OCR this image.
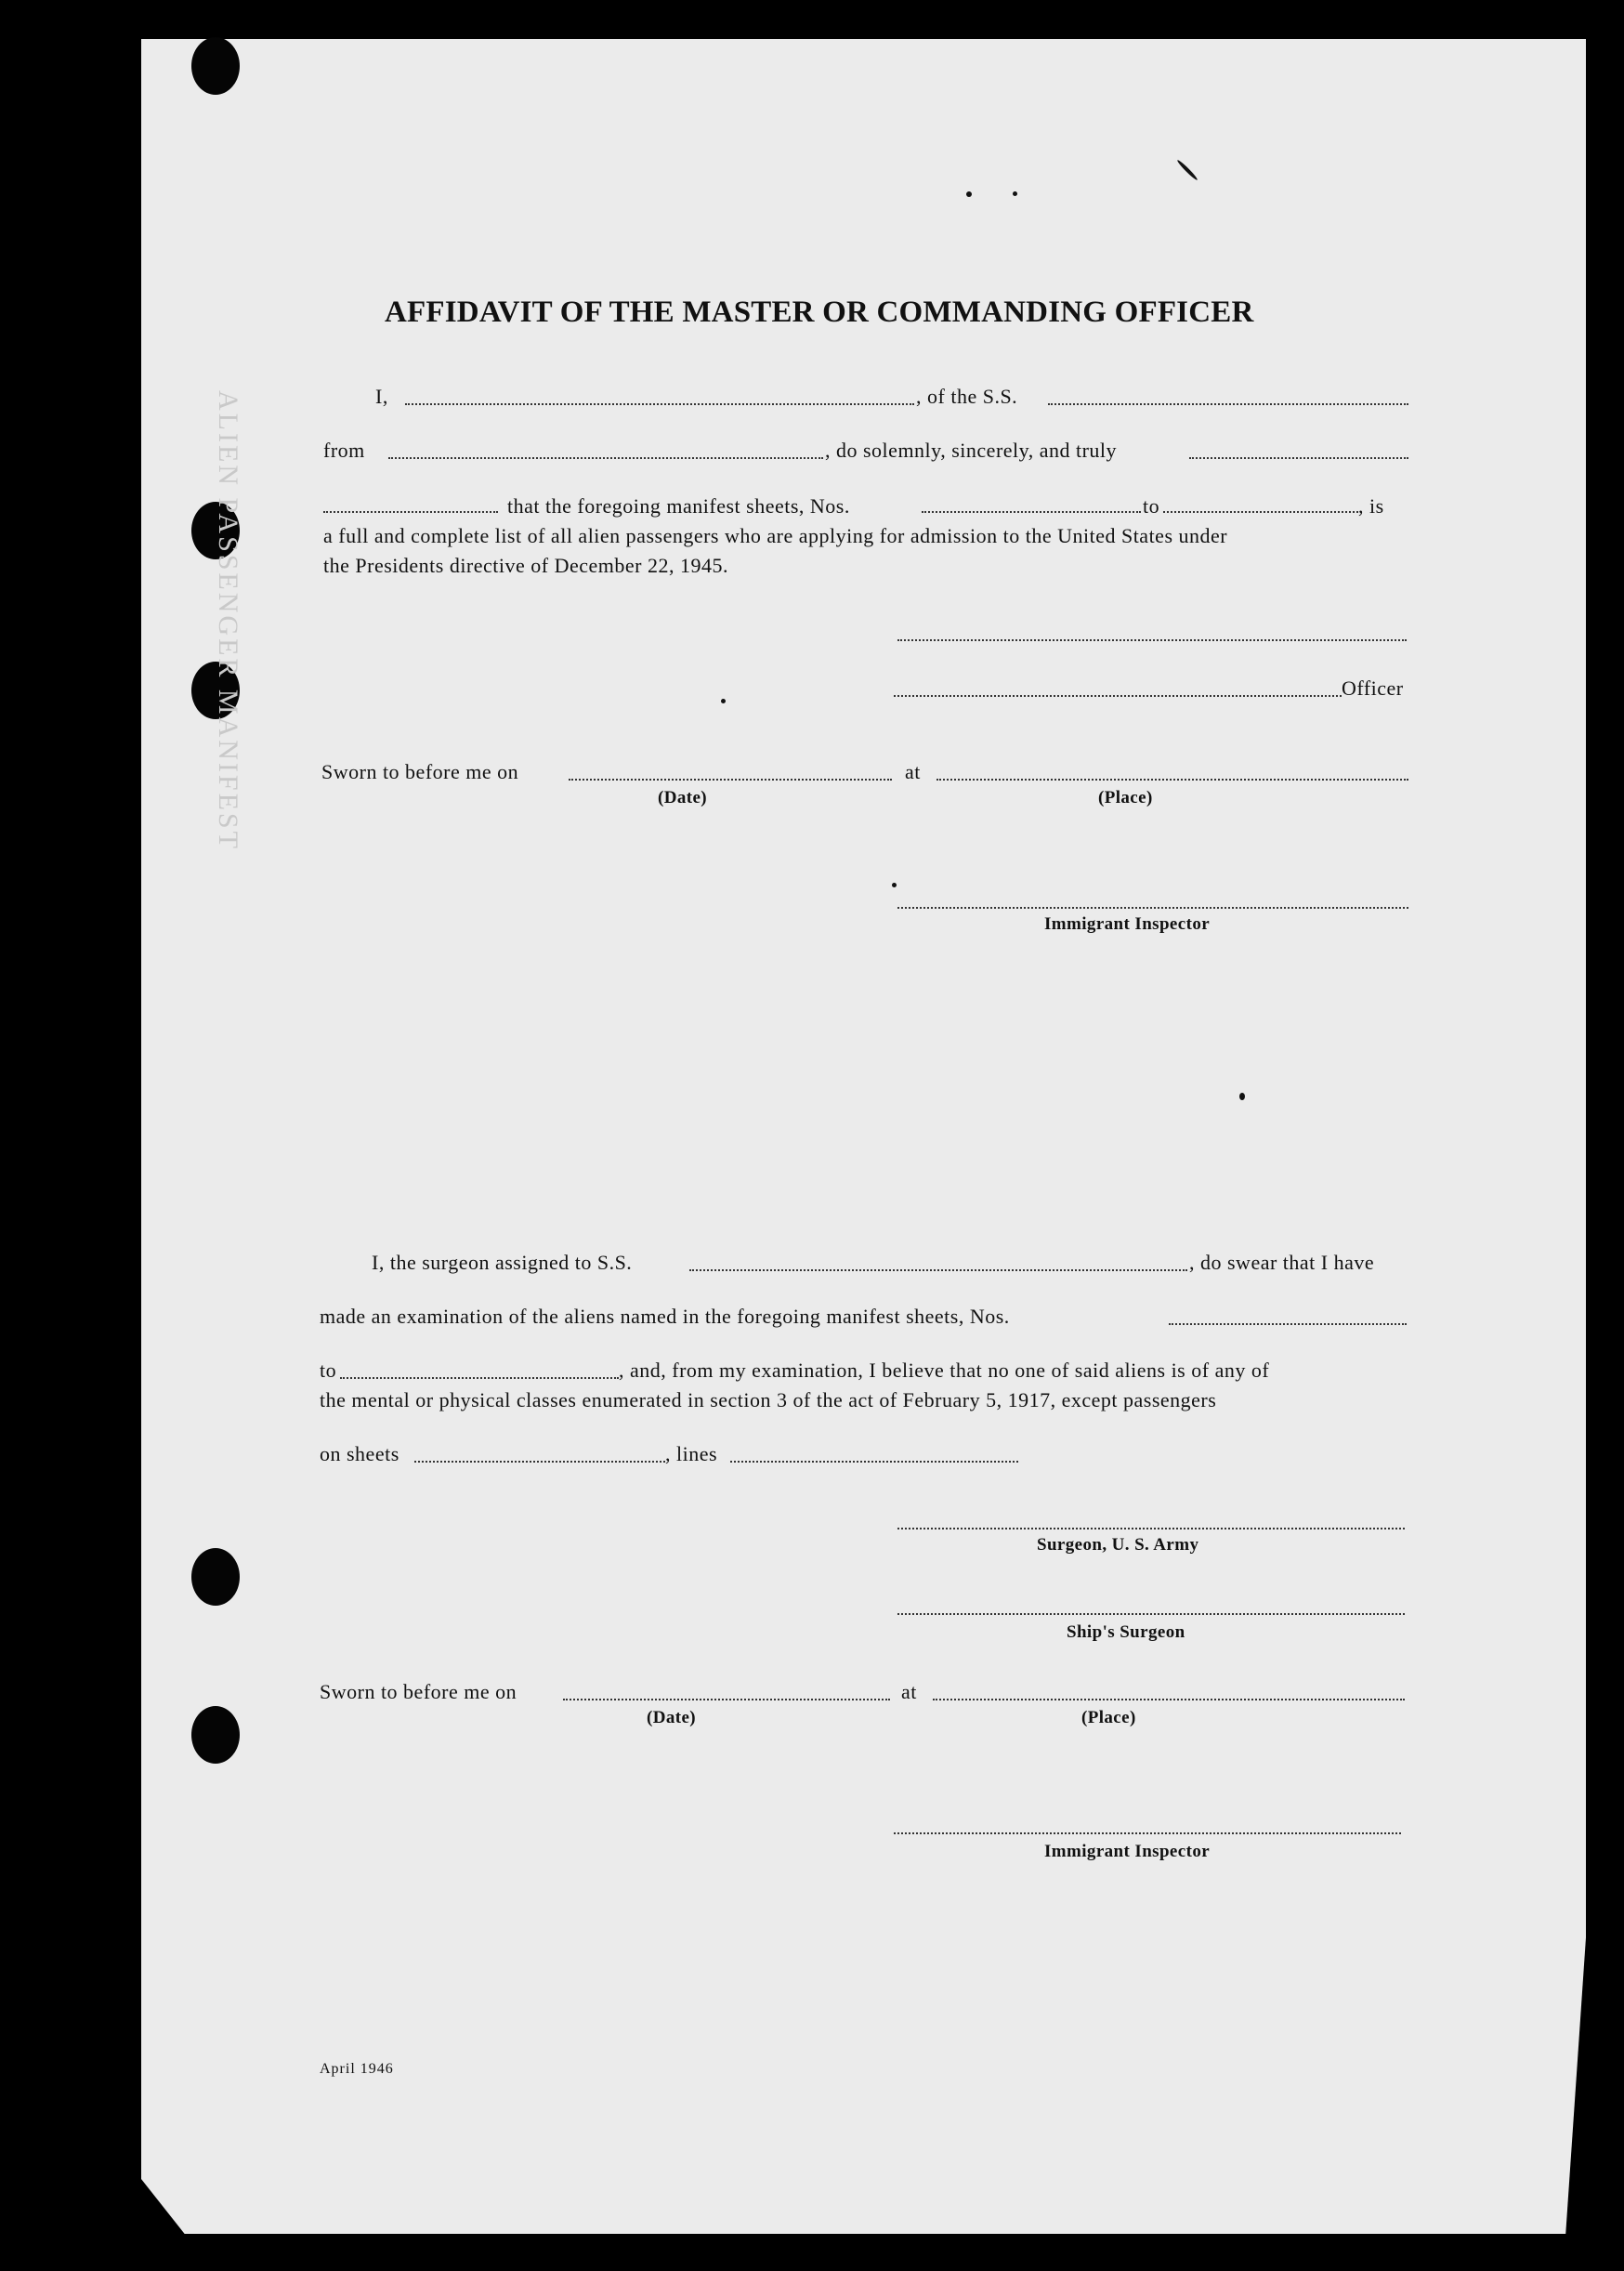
ALIEN PASSENGER MANIFEST
AFFIDAVIT OF THE MASTER OR COMMANDING OFFICER
I,	, of the S.S.
from	, do solemnly, sincerely, and truly
that the foregoing manifest sheets, Nos.	to	, is
a full and complete list of all alien passengers who are applying for admission to the United States under
the Presidents directive of December 22, 1945.
Officer
Sworn to before me on	at
(Date)	(Place)
Immigrant Inspector
I, the surgeon assigned to S.S.	, do swear that I have
made an examination of the aliens named in the foregoing manifest sheets, Nos.
to	, and, from my examination, I believe that no one of said aliens is of any of
the mental or physical classes enumerated in section 3 of the act of February 5, 1917, except passengers
on sheets	, lines
Surgeon, U. S. Army
Ship's Surgeon
Sworn to before me on	at
(Date)	(Place)
Immigrant Inspector
April 1946
